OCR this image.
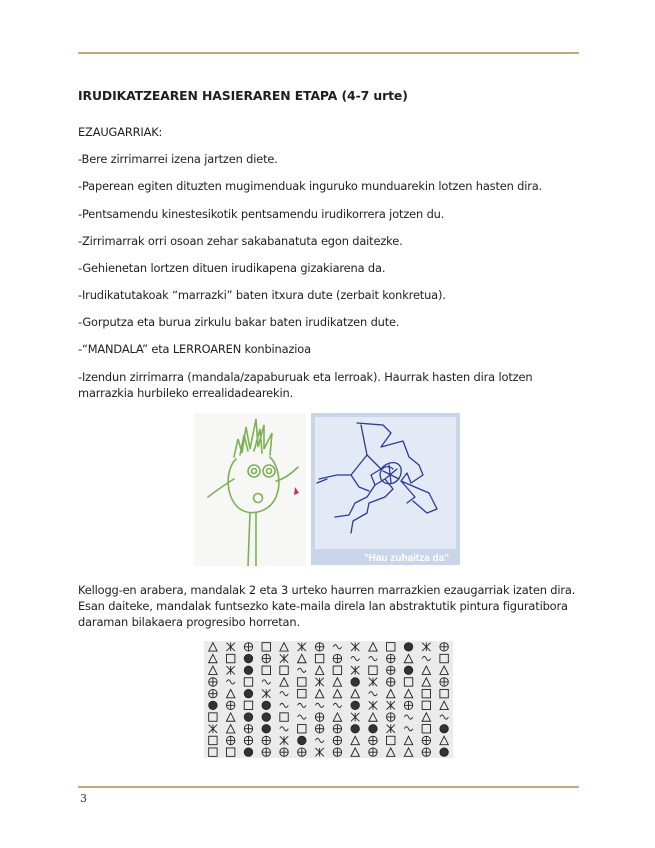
IRUDIKATZEAREN HASIERAREN ETAPA (4-7 urte)
EZAUGARRIAK:
-Bere zirrimarrei izena jartzen diete.
-Paperean egiten dituzten mugimenduak inguruko munduarekin lotzen hasten dira.
-Pentsamendu kinestesikotik pentsamendu irudikorrera jotzen du.
-Zirrimarrak orri osoan zehar sakabanatuta egon daitezke.
-Gehienetan lortzen dituen irudikapena gizakiarena da.
-Irudikatutakoak “marrazki” baten itxura dute (zerbait konkretua).
-Gorputza eta burua zirkulu bakar baten irudikatzen dute.
-“MANDALA” eta LERROAREN konbinazioa
-Izendun zirrimarra (mandala/zapaburuak eta lerroak). Haurrak hasten dira lotzen marrazkia hurbileko errealidadearekin.
"Hau zuhaitza da"
Kellogg-en arabera, mandalak 2 eta 3 urteko haurren marrazkien ezaugarriak izaten dira. Esan daiteke, mandalak funtsezko kate-maila direla lan abstraktutik pintura figuratibora daraman bilakaera progresibo horretan.
3
